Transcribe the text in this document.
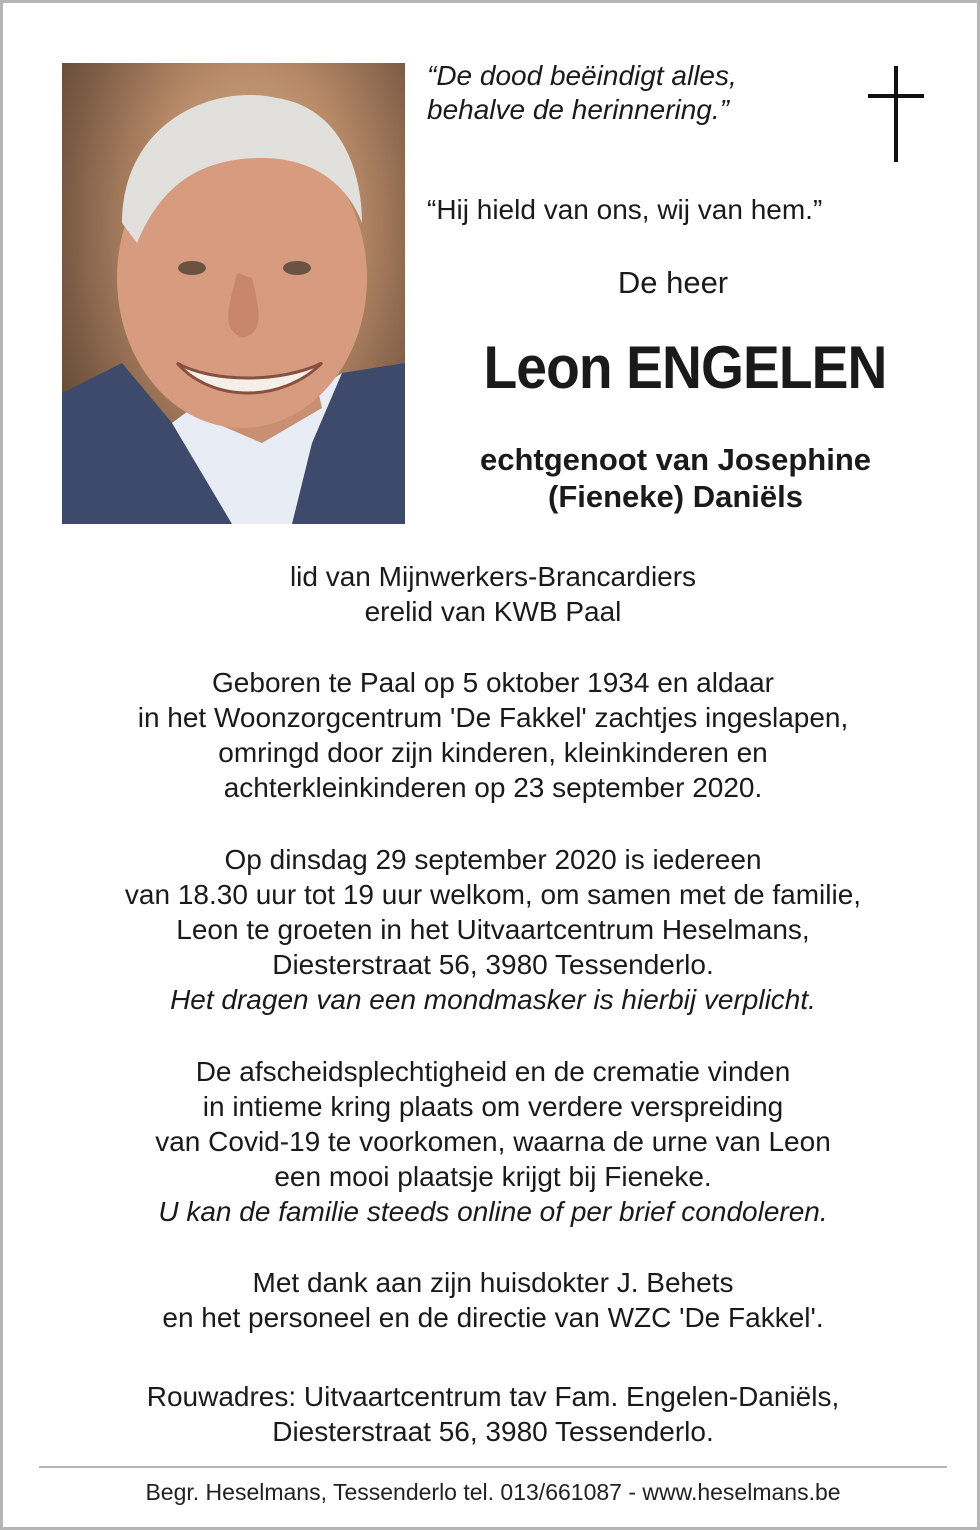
“De dood beëindigt alles,
behalve de herinnering.”
“Hij hield van ons, wij van hem.”
De heer
Leon ENGELEN
echtgenoot van Josephine
(Fieneke) Daniëls
lid van Mijnwerkers-Brancardiers
erelid van KWB Paal
Geboren te Paal op 5 oktober 1934 en aldaar
in het Woonzorgcentrum 'De Fakkel' zachtjes ingeslapen,
omringd door zijn kinderen, kleinkinderen en
achterkleinkinderen op 23 september 2020.
Op dinsdag 29 september 2020 is iedereen
van 18.30 uur tot 19 uur welkom, om samen met de familie,
Leon te groeten in het Uitvaartcentrum Heselmans,
Diesterstraat 56, 3980 Tessenderlo.
Het dragen van een mondmasker is hierbij verplicht.
De afscheidsplechtigheid en de crematie vinden
in intieme kring plaats om verdere verspreiding
van Covid-19 te voorkomen, waarna de urne van Leon
een mooi plaatsje krijgt bij Fieneke.
U kan de familie steeds online of per brief condoleren.
Met dank aan zijn huisdokter J. Behets
en het personeel en de directie van WZC 'De Fakkel'.
Rouwadres: Uitvaartcentrum tav Fam. Engelen-Daniëls,
Diesterstraat 56, 3980 Tessenderlo.
Begr. Heselmans, Tessenderlo tel. 013/661087 - www.heselmans.be
